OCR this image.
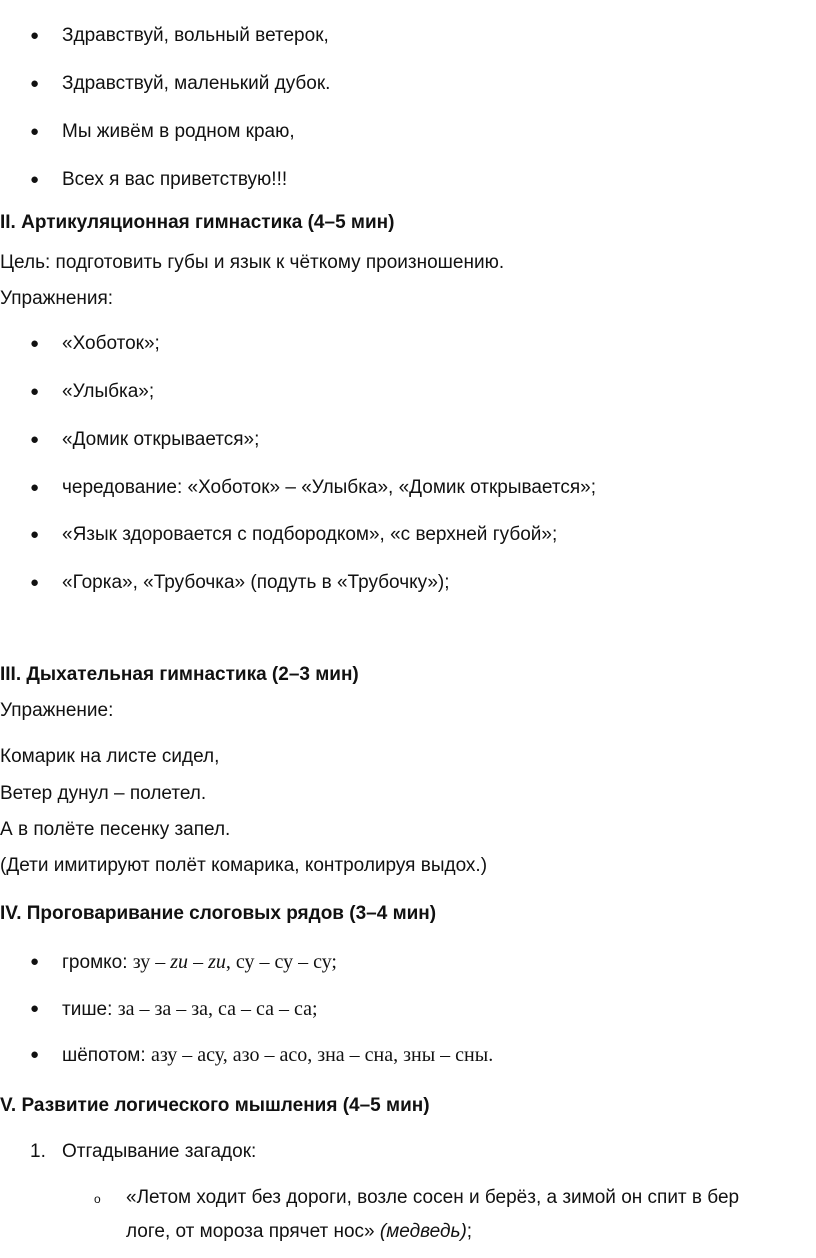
● Здравствуй, вольный ветерок,
● Здравствуй, маленький дубок.
● Мы живём в родном краю,
● Всех я вас приветствую!!!
II. Артикуляционная гимнастика (4–5 мин)
Цель: подготовить губы и язык к чёткому произношению.
Упражнения:
● «Хоботок»;
● «Улыбка»;
● «Домик открывается»;
● чередование: «Хоботок» – «Улыбка», «Домик открывается»;
● «Язык здоровается с подбородком», «с верхней губой»;
● «Горка», «Трубочка» (подуть в «Трубочку»);
III. Дыхательная гимнастика (2–3 мин)
Упражнение:
Комарик на листе сидел,
Ветер дунул – полетел.
А в полёте песенку запел.
(Дети имитируют полёт комарика, контролируя выдох.)
IV. Проговаривание слоговых рядов (3–4 мин)
● громко: зу – zu – zu, су – су – су;
● тише: за – за – за, са – са – са;
● шёпотом: азу – асу, азо – асо, зна – сна, зны – сны.
V. Развитие логического мышления (4–5 мин)
1. Отгадывание загадок:
o «Летом ходит без дороги, возле сосен и берёз, а зимой он спит в бер
логе, от мороза прячет нос» (медведь);
